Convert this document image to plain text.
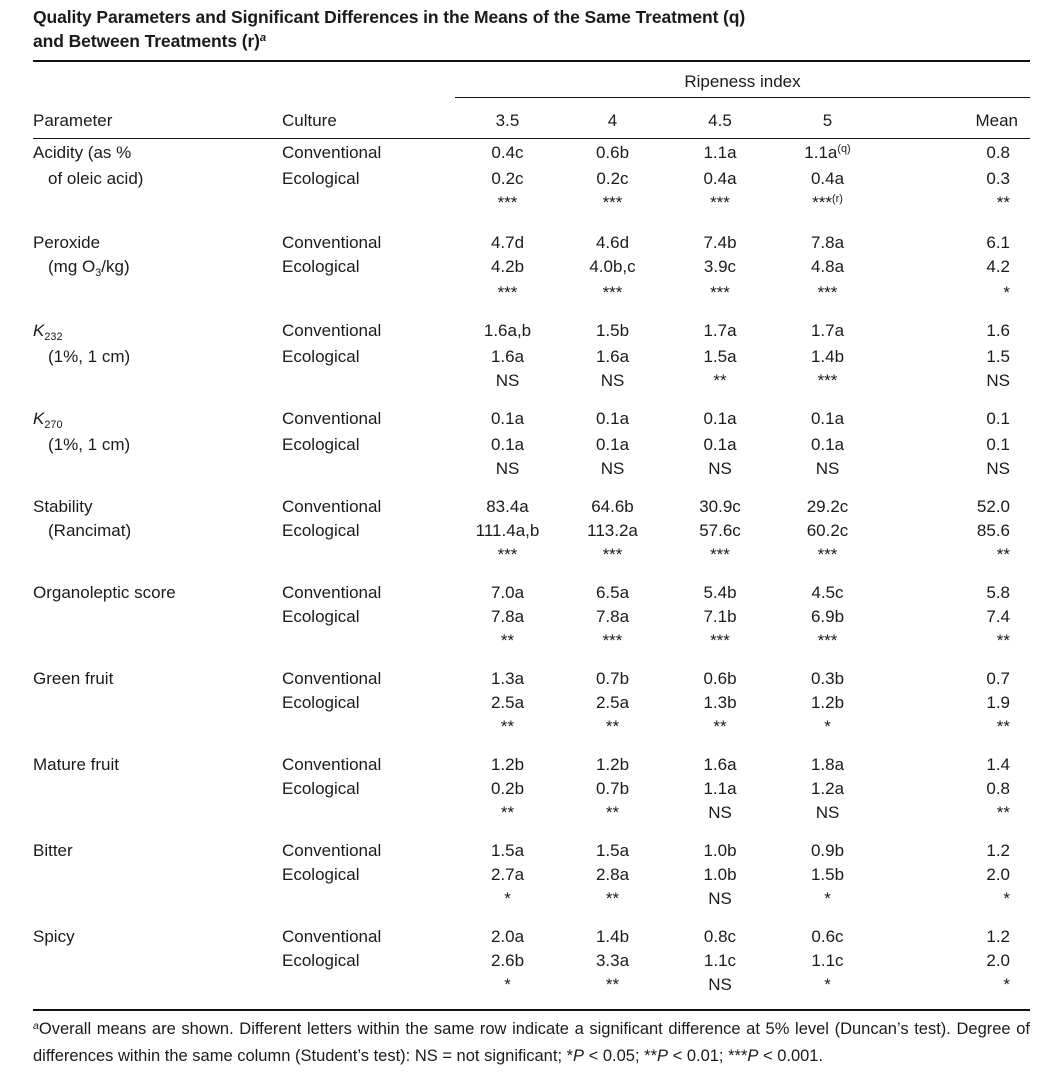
Quality Parameters and Significant Differences in the Means of the Same Treatment (q)
and Between Treatments $(r)^a$
		Ripeness index				
Parameter	Culture	3.5	4	4.5	5	Mean
Acidity (as %	Conventional	0.4c	0.6b	1.1a	$1.1a^{(q)}$	0.8
of oleic acid)	Ecological	0.2c	0.2c	0.4a	0.4a	0.3
		***	***	***	***$^{(r)}$	**
Peroxide	Conventional	4.7d	4.6d	7.4b	7.8a	6.1
(mg $O_3/kg$)	Ecological	4.2b	4.0b,c	3.9c	4.8a	4.2
		***	***	***	***	*
$K_{232}$	Conventional	1.6a,b	1.5b	1.7a	1.7a	1.6
(1%, 1 cm)	Ecological	1.6a	1.6a	1.5a	1.4b	1.5
		NS	NS	**	***	NS
$K_{270}$	Conventional	0.1a	0.1a	0.1a	0.1a	0.1
(1%, 1 cm)	Ecological	0.1a	0.1a	0.1a	0.1a	0.1
		NS	NS	NS	NS	NS
Stability	Conventional	83.4a	64.6b	30.9c	29.2c	52.0
(Rancimat)	Ecological	111.4a,b	113.2a	57.6c	60.2c	85.6
		***	***	***	***	**
Organoleptic score	Conventional	7.0a	6.5a	5.4b	4.5c	5.8
	Ecological	7.8a	7.8a	7.1b	6.9b	7.4
		**	***	***	***	**
Green fruit	Conventional	1.3a	0.7b	0.6b	0.3b	0.7
	Ecological	2.5a	2.5a	1.3b	1.2b	1.9
		**	**	**	*	**
Mature fruit	Conventional	1.2b	1.2b	1.6a	1.8a	1.4
	Ecological	0.2b	0.7b	1.1a	1.2a	0.8
		**	**	NS	NS	**
Bitter	Conventional	1.5a	1.5a	1.0b	0.9b	1.2
	Ecological	2.7a	2.8a	1.0b	1.5b	2.0
		*	**	NS	*	*
Spicy	Conventional	2.0a	1.4b	0.8c	0.6c	1.2
	Ecological	2.6b	3.3a	1.1c	1.1c	2.0
		*	**	NS	*	*

$^a$Overall means are shown. Different letters within the same row indicate a significant difference at 5% level (Duncan’s test). Degree of differences within the same column (Student’s test): NS = not significant; *P < 0.05; **P < 0.01; ***P < 0.001.
